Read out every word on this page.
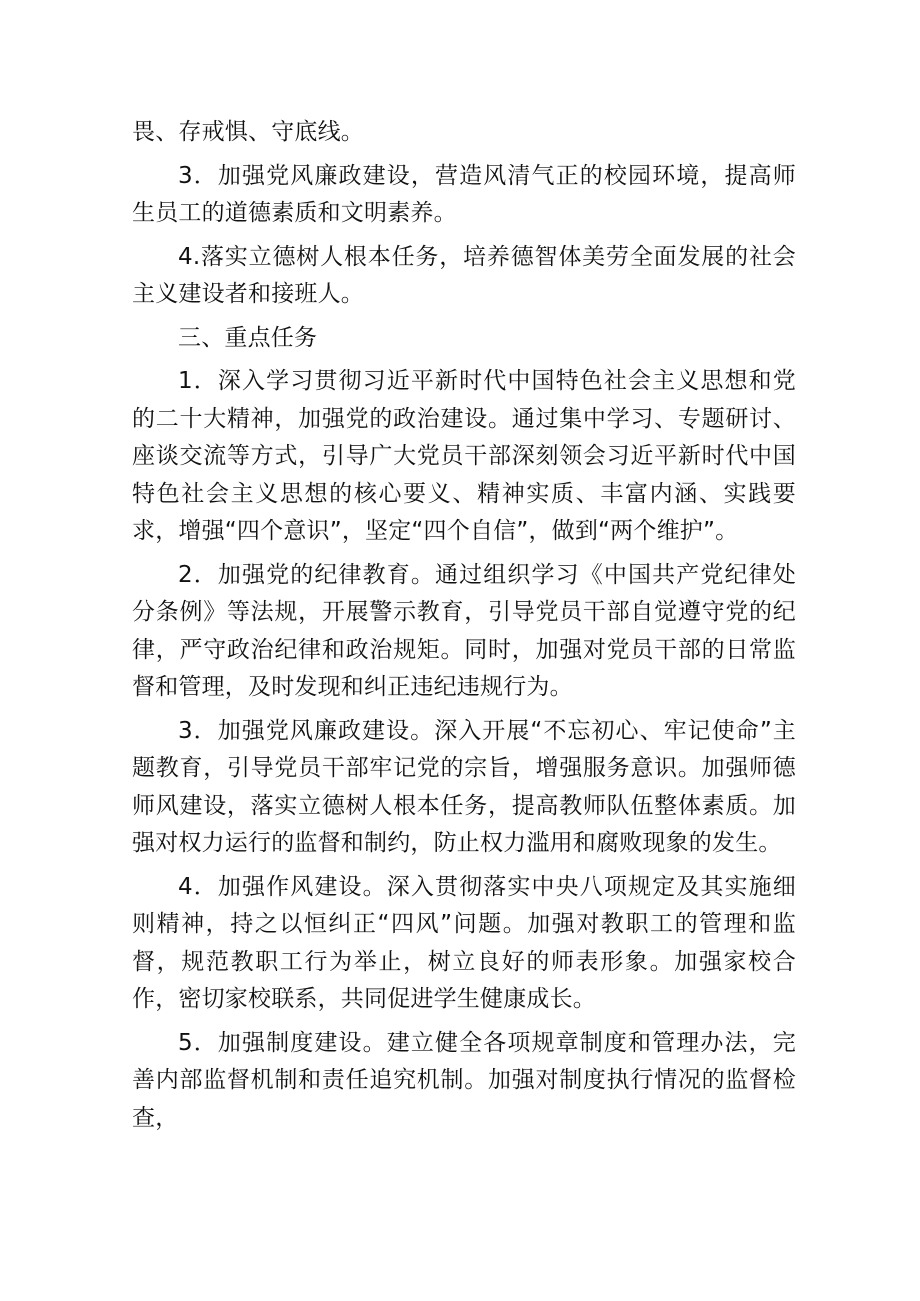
畏、存戒惧、守底线。

3．加强党风廉政建设，营造风清气正的校园环境，提高师生员工的道德素质和文明素养。

4.落实立德树人根本任务，培养德智体美劳全面发展的社会主义建设者和接班人。

三、重点任务

1．深入学习贯彻习近平新时代中国特色社会主义思想和党的二十大精神，加强党的政治建设。通过集中学习、专题研讨、座谈交流等方式，引导广大党员干部深刻领会习近平新时代中国特色社会主义思想的核心要义、精神实质、丰富内涵、实践要求，增强“四个意识”，坚定“四个自信”，做到“两个维护”。

2．加强党的纪律教育。通过组织学习《中国共产党纪律处分条例》等法规，开展警示教育，引导党员干部自觉遵守党的纪律，严守政治纪律和政治规矩。同时，加强对党员干部的日常监督和管理，及时发现和纠正违纪违规行为。

3．加强党风廉政建设。深入开展“不忘初心、牢记使命”主题教育，引导党员干部牢记党的宗旨，增强服务意识。加强师德师风建设，落实立德树人根本任务，提高教师队伍整体素质。加强对权力运行的监督和制约，防止权力滥用和腐败现象的发生。

4．加强作风建设。深入贯彻落实中央八项规定及其实施细则精神，持之以恒纠正“四风”问题。加强对教职工的管理和监督，规范教职工行为举止，树立良好的师表形象。加强家校合作，密切家校联系，共同促进学生健康成长。

5．加强制度建设。建立健全各项规章制度和管理办法，完善内部监督机制和责任追究机制。加强对制度执行情况的监督检查，
